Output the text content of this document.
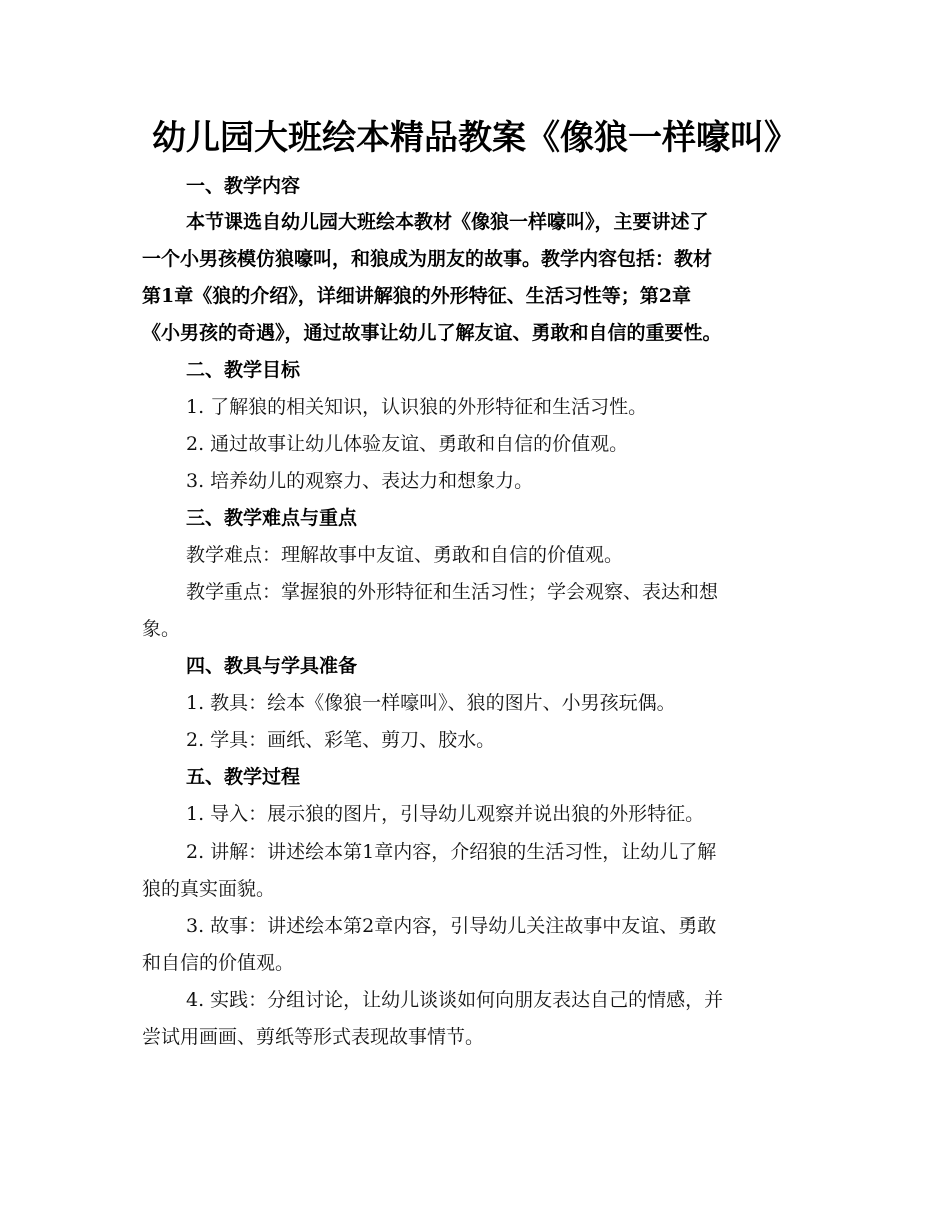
幼儿园大班绘本精品教案《像狼一样嚎叫》
一、教学内容
本节课选自幼儿园大班绘本教材《像狼一样嚎叫》，主要讲述了
一个小男孩模仿狼嚎叫，和狼成为朋友的故事。教学内容包括：教材
第1章《狼的介绍》，详细讲解狼的外形特征、生活习性等；第2章
《小男孩的奇遇》，通过故事让幼儿了解友谊、勇敢和自信的重要性。
二、教学目标
1. 了解狼的相关知识，认识狼的外形特征和生活习性。
2. 通过故事让幼儿体验友谊、勇敢和自信的价值观。
3. 培养幼儿的观察力、表达力和想象力。
三、教学难点与重点
教学难点：理解故事中友谊、勇敢和自信的价值观。
教学重点：掌握狼的外形特征和生活习性；学会观察、表达和想
象。
四、教具与学具准备
1. 教具：绘本《像狼一样嚎叫》、狼的图片、小男孩玩偶。
2. 学具：画纸、彩笔、剪刀、胶水。
五、教学过程
1. 导入：展示狼的图片，引导幼儿观察并说出狼的外形特征。
2. 讲解：讲述绘本第1章内容，介绍狼的生活习性，让幼儿了解
狼的真实面貌。
3. 故事：讲述绘本第2章内容，引导幼儿关注故事中友谊、勇敢
和自信的价值观。
4. 实践：分组讨论，让幼儿谈谈如何向朋友表达自己的情感，并
尝试用画画、剪纸等形式表现故事情节。
